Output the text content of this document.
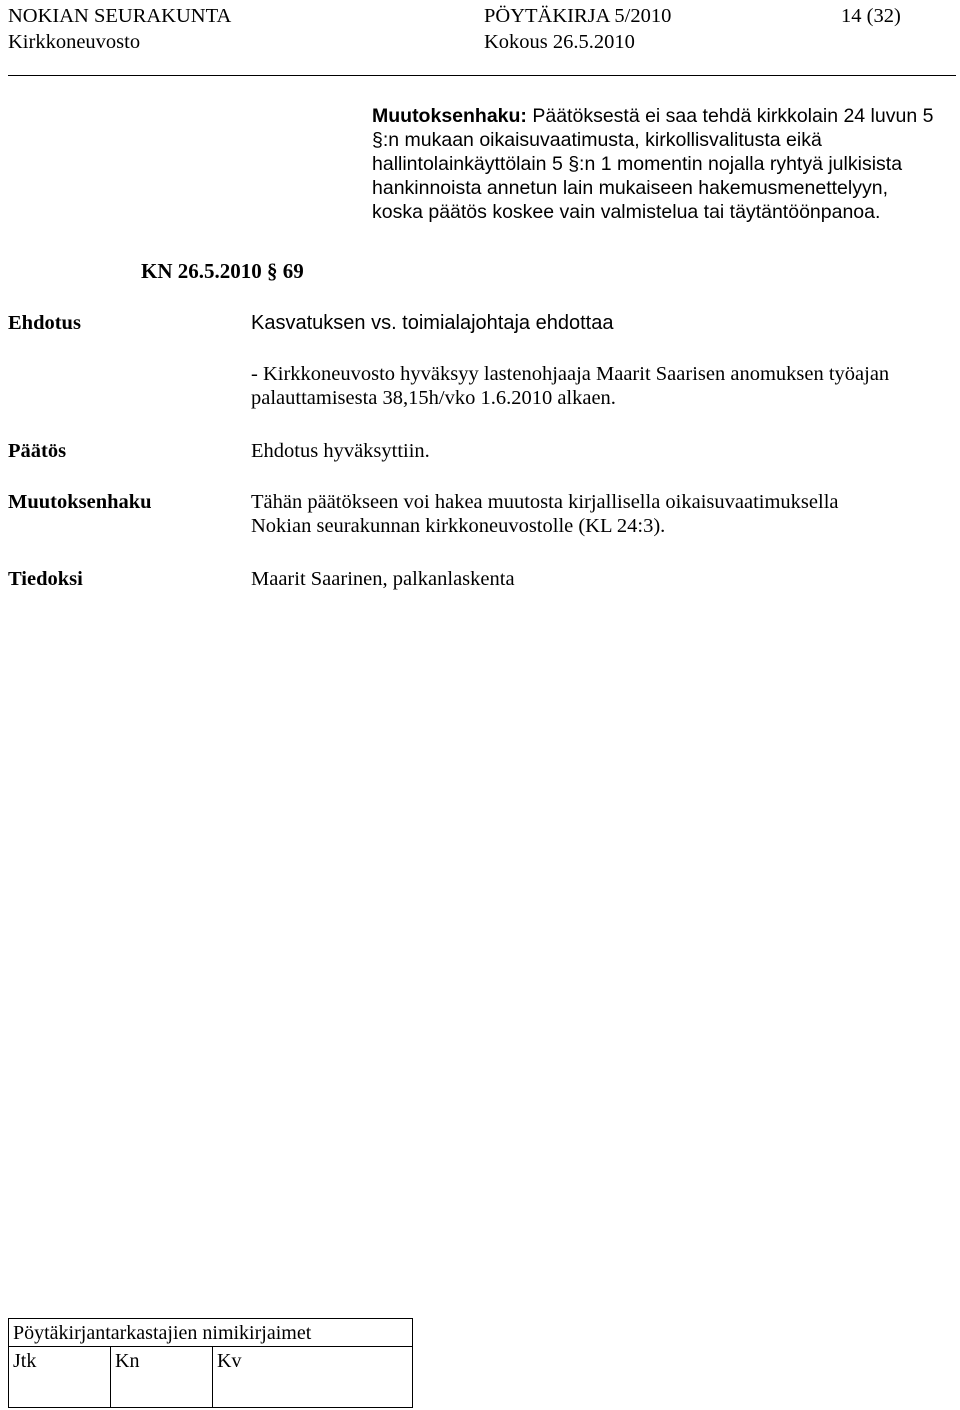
NOKIAN SEURAKUNTA	PÖYTÄKIRJA 5/2010	14 (32)
Kirkkoneuvosto	Kokous 26.5.2010
Muutoksenhaku: Päätöksestä ei saa tehdä kirkkolain 24 luvun 5
§:n mukaan oikaisuvaatimusta, kirkollisvalitusta eikä
hallintolainkäyttölain 5 §:n 1 momentin nojalla ryhtyä julkisista
hankinnoista annetun lain mukaiseen hakemusmenettelyyn,
koska päätös koskee vain valmistelua tai täytäntöönpanoa.
KN 26.5.2010 § 69
Ehdotus	Kasvatuksen vs. toimialajohtaja ehdottaa
- Kirkkoneuvosto hyväksyy lastenohjaaja Maarit Saarisen anomuksen työajan
palauttamisesta 38,15h/vko 1.6.2010 alkaen.
Päätös	Ehdotus hyväksyttiin.
Muutoksenhaku	Tähän päätökseen voi hakea muutosta kirjallisella oikaisuvaatimuksella
Nokian seurakunnan kirkkoneuvostolle (KL 24:3).
Tiedoksi	Maarit Saarinen, palkanlaskenta
Pöytäkirjantarkastajien nimikirjaimet
Jtk	Kn	Kv
